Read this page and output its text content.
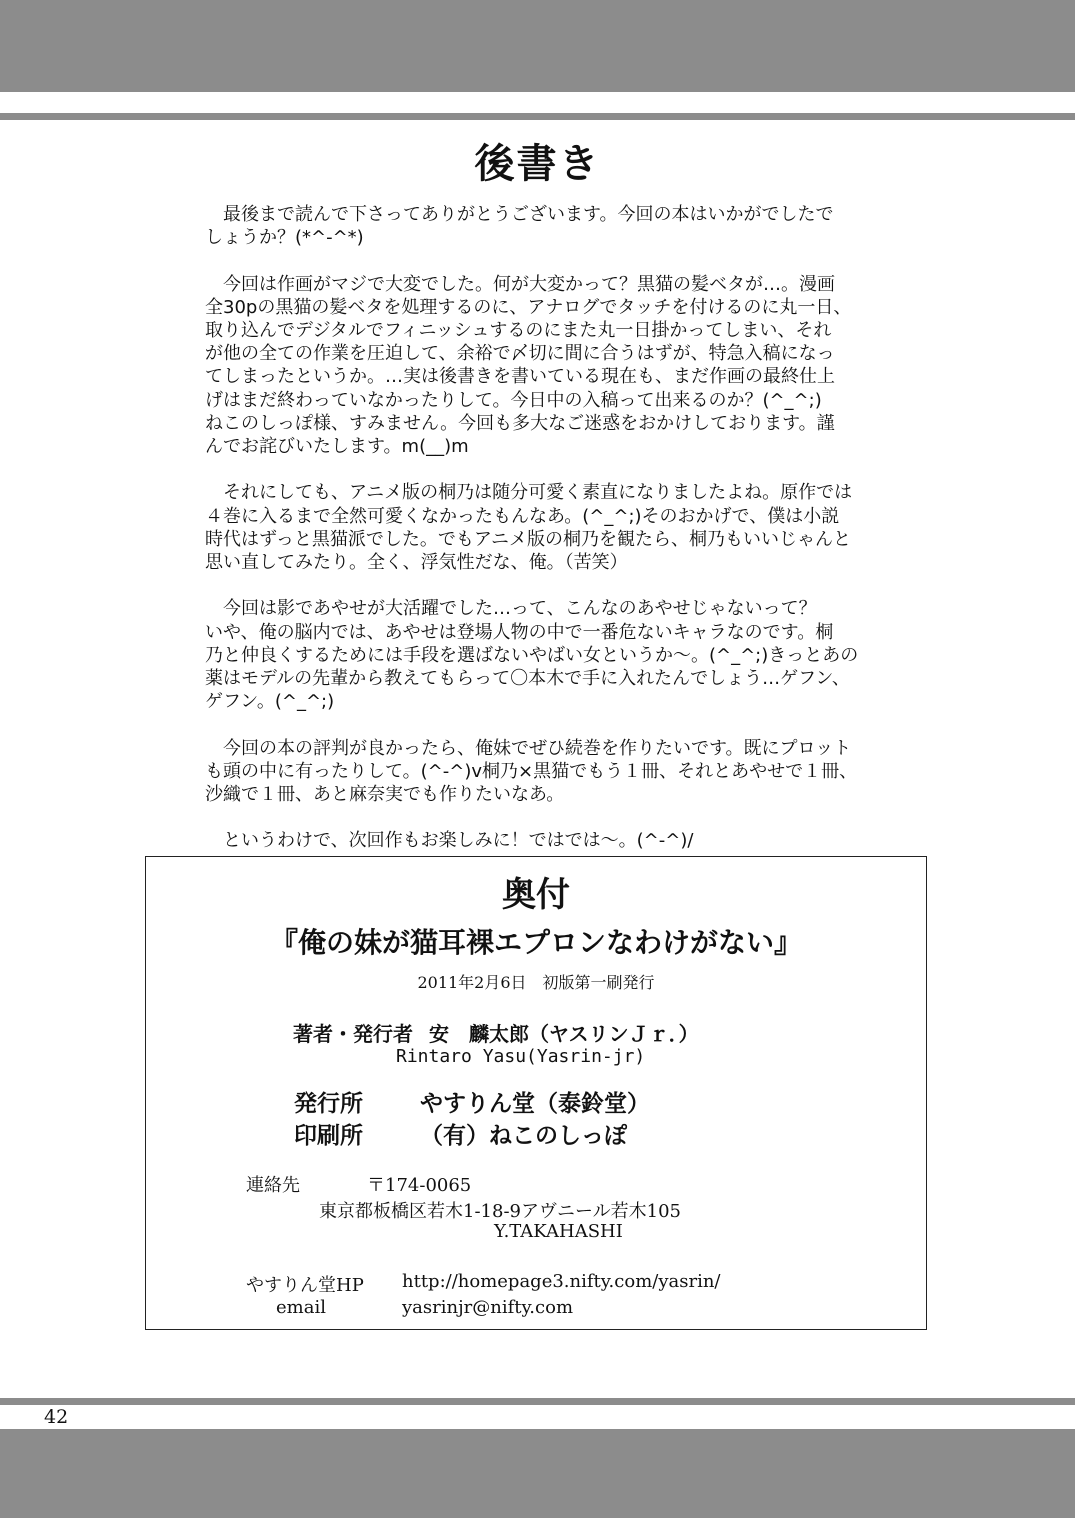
後書き

　最後まで読んで下さってありがとうございます。今回の本はいかがでしたで
しょうか？(*^-^*)

　今回は作画がマジで大変でした。何が大変かって？黒猫の髪ベタが…。漫画
全30pの黒猫の髪ベタを処理するのに、アナログでタッチを付けるのに丸一日、
取り込んでデジタルでフィニッシュするのにまた丸一日掛かってしまい、それ
が他の全ての作業を圧迫して、余裕で〆切に間に合うはずが、特急入稿になっ
てしまったというか。…実は後書きを書いている現在も、まだ作画の最終仕上
げはまだ終わっていなかったりして。今日中の入稿って出来るのか？(^_^;)
ねこのしっぽ様、すみません。今回も多大なご迷惑をおかけしております。謹
んでお詫びいたします。m(__)m

　それにしても、アニメ版の桐乃は随分可愛く素直になりましたよね。原作では
４巻に入るまで全然可愛くなかったもんなあ。(^_^;)そのおかげで、僕は小説
時代はずっと黒猫派でした。でもアニメ版の桐乃を観たら、桐乃もいいじゃんと
思い直してみたり。全く、浮気性だな、俺。（苦笑）

　今回は影であやせが大活躍でした…って、こんなのあやせじゃないって？
いや、俺の脳内では、あやせは登場人物の中で一番危ないキャラなのです。桐
乃と仲良くするためには手段を選ばないやばい女というか〜。(^_^;)きっとあの
薬はモデルの先輩から教えてもらって〇本木で手に入れたんでしょう…ゲフン、
ゲフン。(^_^;)

　今回の本の評判が良かったら、俺妹でぜひ続巻を作りたいです。既にプロット
も頭の中に有ったりして。(^-^)v桐乃×黒猫でもう１冊、それとあやせで１冊、
沙織で１冊、あと麻奈実でも作りたいなあ。

　というわけで、次回作もお楽しみに！ではでは〜。(^-^)/

奥付
『俺の妹が猫耳裸エプロンなわけがない』
2011年2月6日　初版第一刷発行
著者・発行者 安　麟太郎（ヤスリンＪｒ．）
Rintaro Yasu(Yasrin-jr)
発行所 やすりん堂（泰鈴堂）
印刷所 （有）ねこのしっぽ
連絡先	〒174-0065
東京都板橋区若木1-18-9アヴニール若木105
Y.TAKAHASHI
やすりん堂HP http://homepage3.nifty.com/yasrin/
email	yasrinjr@nifty.com
42
